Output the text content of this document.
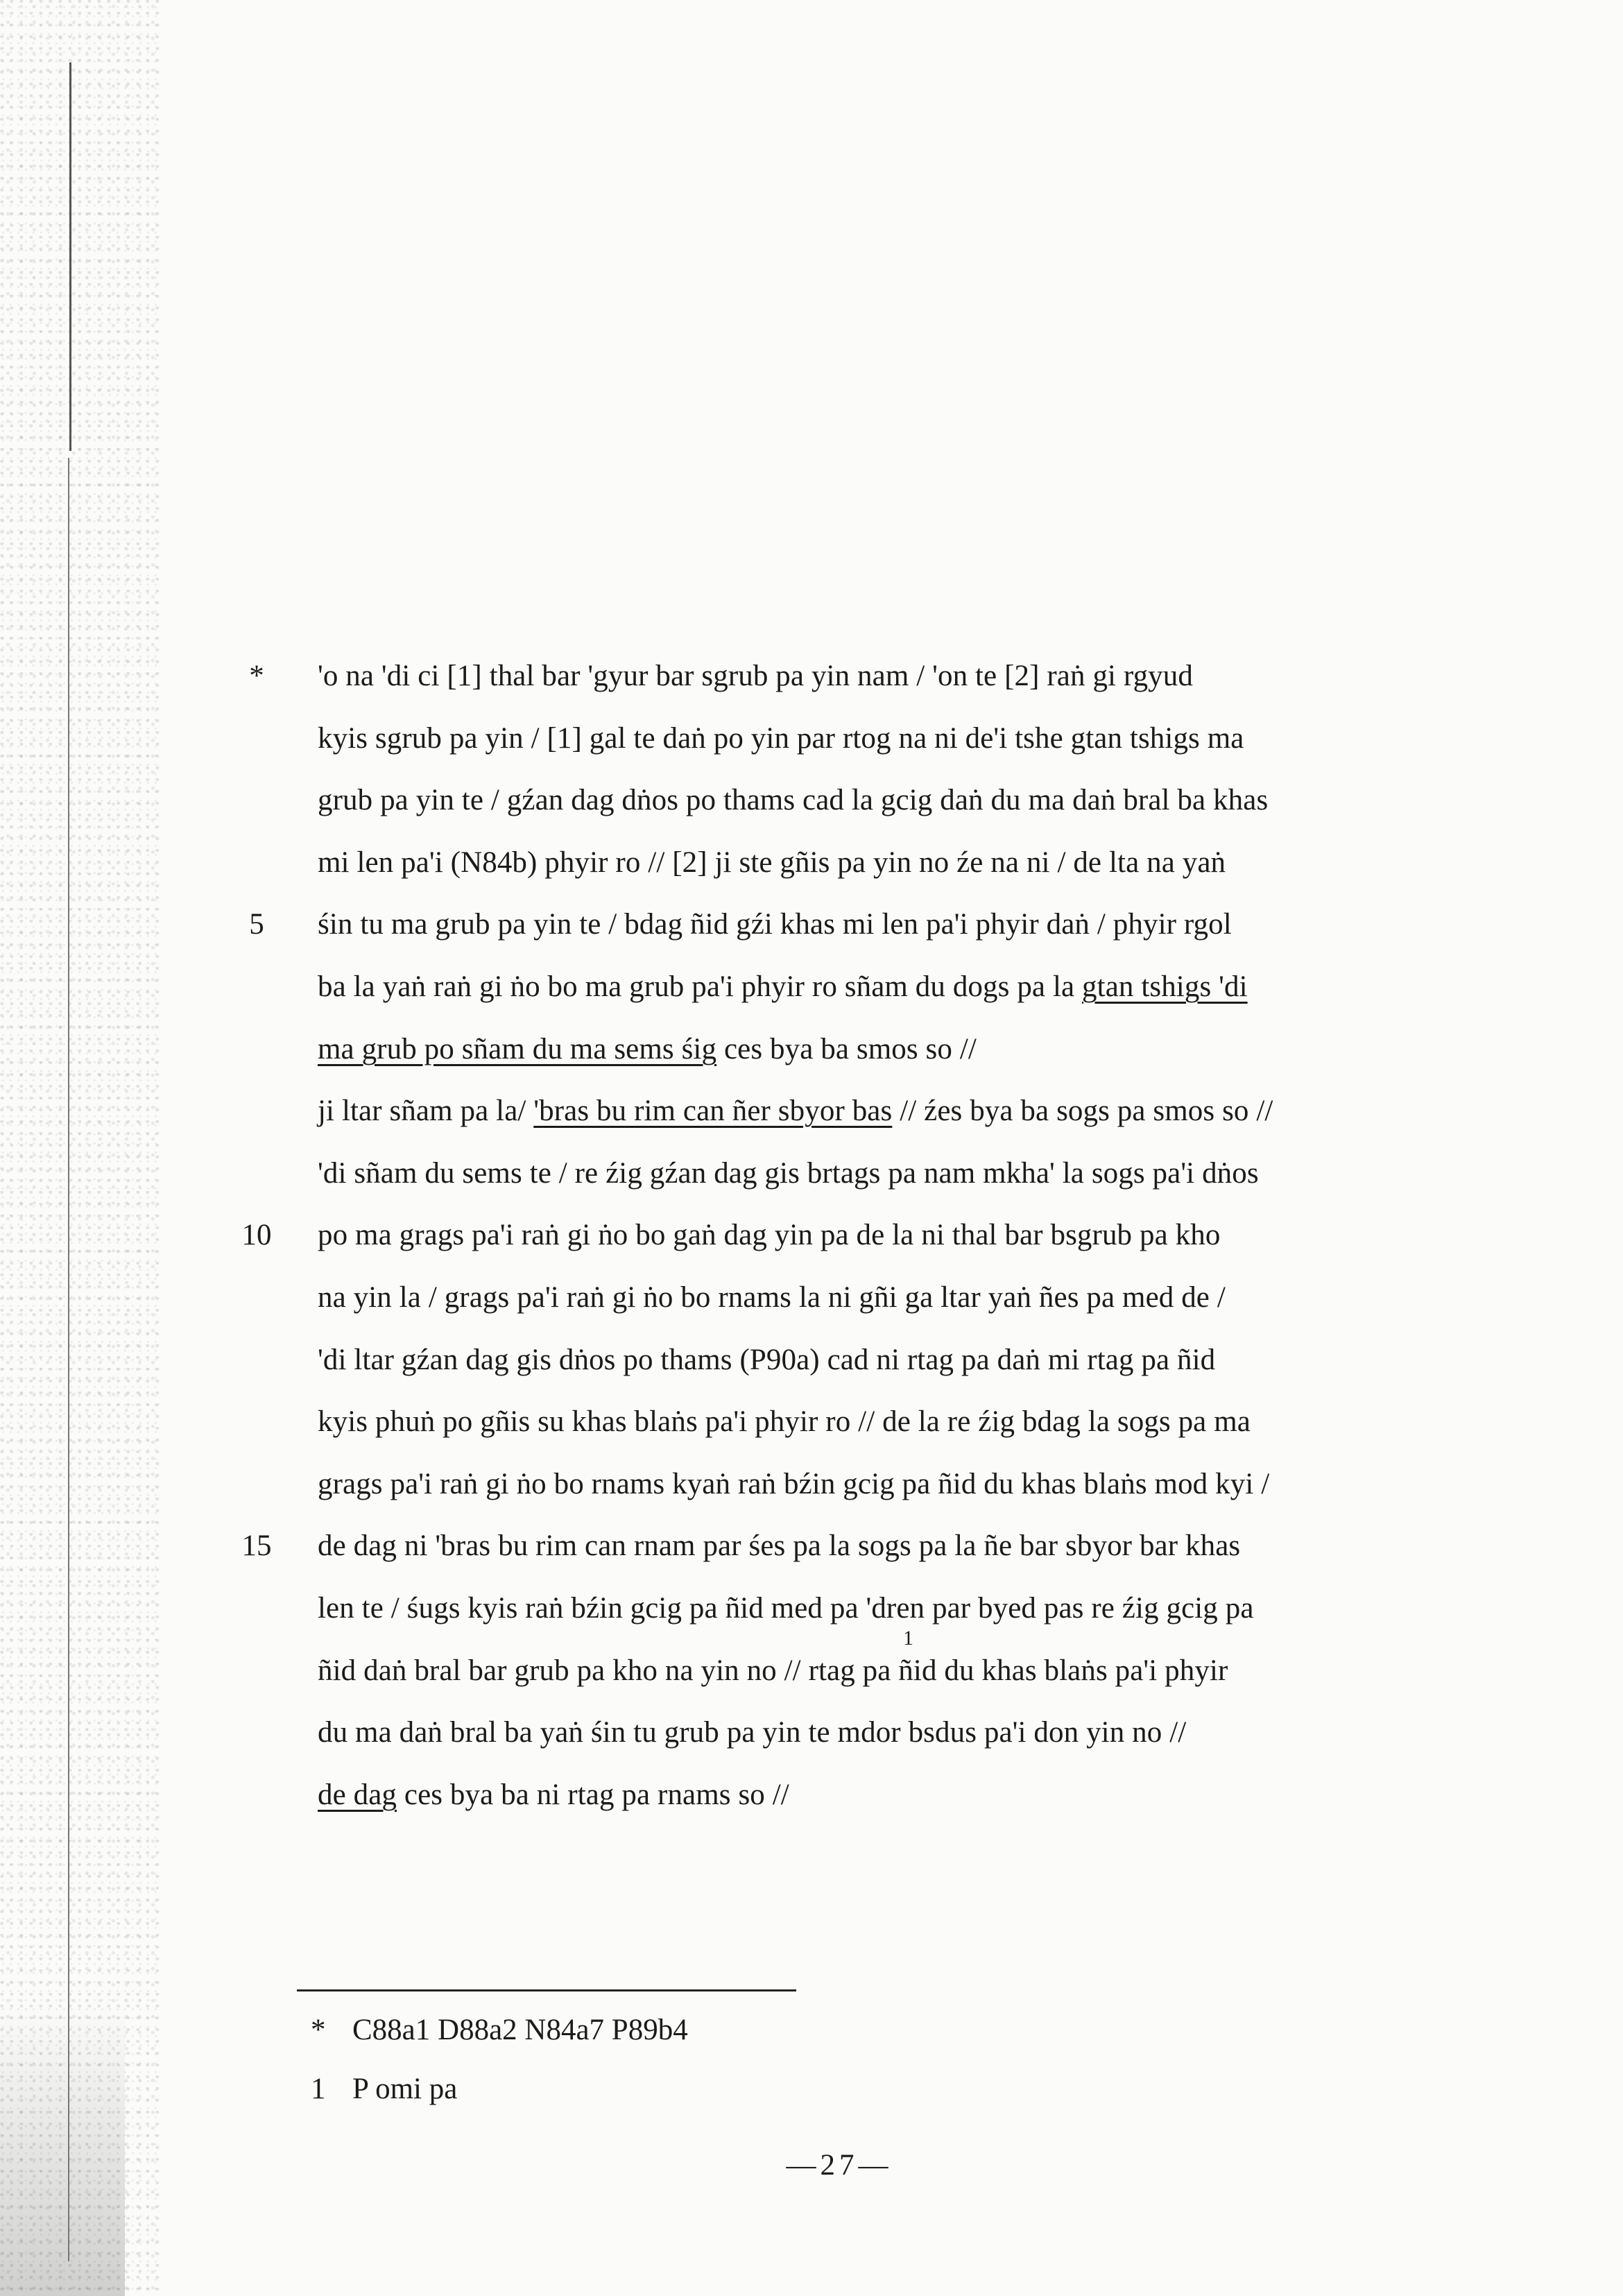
*	'o na 'di ci [1] thal bar 'gyur bar sgrub pa yin nam / 'on te [2] raṅ gi rgyud
kyis sgrub pa yin / [1] gal te daṅ po yin par rtog na ni de'i tshe gtan tshigs ma
grub pa yin te / gźan dag dṅos po thams cad la gcig daṅ du ma daṅ bral ba khas
mi len pa'i (N84b) phyir ro // [2] ji ste gñis pa yin no źe na ni / de lta na yaṅ
5	śin tu ma grub pa yin te / bdag ñid gźi khas mi len pa'i phyir daṅ / phyir rgol
ba la yaṅ raṅ gi ṅo bo ma grub pa'i phyir ro sñam du dogs pa la gtan tshigs 'di
ma grub po sñam du ma sems śig ces bya ba smos so //
ji ltar sñam pa la/ 'bras bu rim can ñer sbyor bas // źes bya ba sogs pa smos so //
'di sñam du sems te / re źig gźan dag gis brtags pa nam mkha' la sogs pa'i dṅos
10 po ma grags pa'i raṅ gi ṅo bo gaṅ dag yin pa de la ni thal bar bsgrub pa kho
na yin la / grags pa'i raṅ gi ṅo bo rnams la ni gñi ga ltar yaṅ ñes pa med de /
'di ltar gźan dag gis dṅos po thams (P90a) cad ni rtag pa daṅ mi rtag pa ñid
kyis phuṅ po gñis su khas blaṅs pa'i phyir ro // de la re źig bdag la sogs pa ma
grags pa'i raṅ gi ṅo bo rnams kyaṅ raṅ bźin gcig pa ñid du khas blaṅs mod kyi /
15 de dag ni 'bras bu rim can rnam par śes pa la sogs pa la ñe bar sbyor bar khas
len te / śugs kyis raṅ bźin gcig pa ñid med pa 'dren par byed pas re źig gcig pa
ñid daṅ bral bar grub pa kho na yin no // rtag pa ñid du khas blaṅs pa'i phyir
du ma daṅ bral ba yaṅ śin tu grub pa yin te mdor bsdus pa'i don yin no //
de dag ces bya ba ni rtag pa rnams so //
* C88a1 D88a2 N84a7 P89b4
1 P omi pa
1
—27—
